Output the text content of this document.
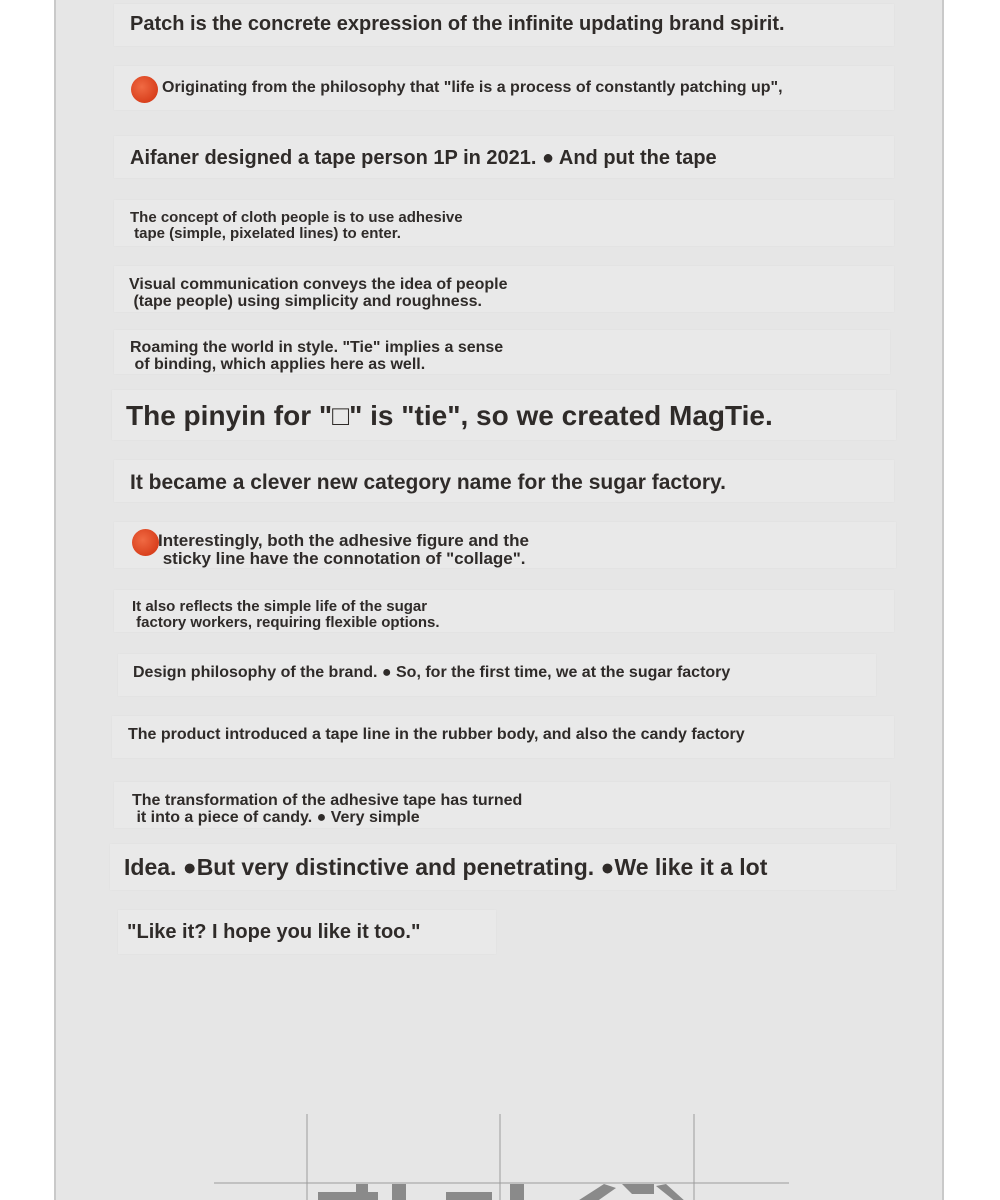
Patch is the concrete expression of the infinite updating brand spirit.
Originating from the philosophy that "life is a process of constantly patching up",
Aifaner designed a tape person 1P in 2021. ● And put the tape
The concept of cloth people is to use adhesive
tape (simple, pixelated lines) to enter.
Visual communication conveys the idea of people
(tape people) using simplicity and roughness.
Roaming the world in style. "Tie" implies a sense
of binding, which applies here as well.
The pinyin for "□" is "tie", so we created MagTie.
It became a clever new category name for the sugar factory.
Interestingly, both the adhesive figure and the
sticky line have the connotation of "collage".
It also reflects the simple life of the sugar
factory workers, requiring flexible options.
Design philosophy of the brand. ● So, for the first time, we at the sugar factory
The product introduced a tape line in the rubber body, and also the candy factory
The transformation of the adhesive tape has turned
it into a piece of candy. ● Very simple
Idea. ●But very distinctive and penetrating. ●We like it a lot
"Like it? I hope you like it too."
